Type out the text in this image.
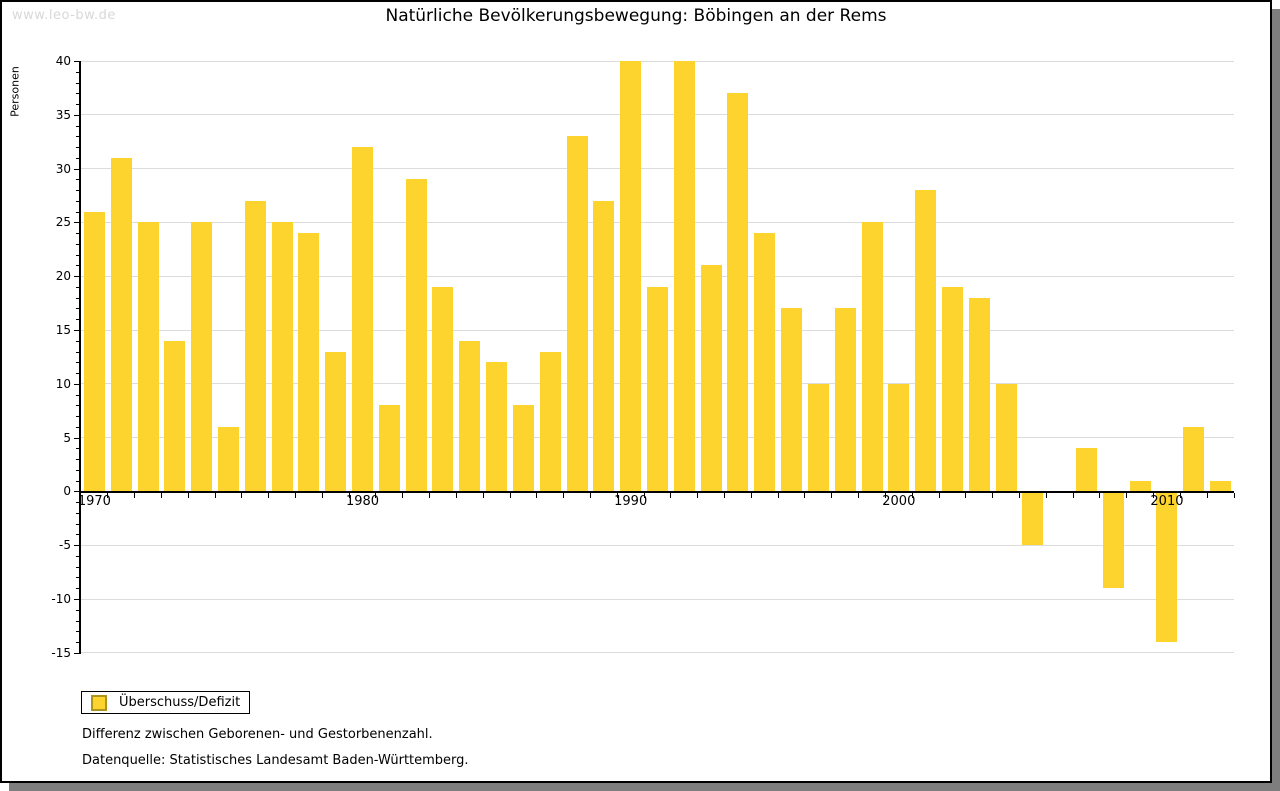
www.leo-bw.de	Natürliche Bevölkerungsbewegung: Böbingen an der Rems
Personen
40
35
30
25
20
15
10
5
0
-5
-10
-15
1970	1980	1990	2000	2010
Überschuss/Defizit
Differenz zwischen Geborenen- und Gestorbenenzahl.
Datenquelle: Statistisches Landesamt Baden-Württemberg.
